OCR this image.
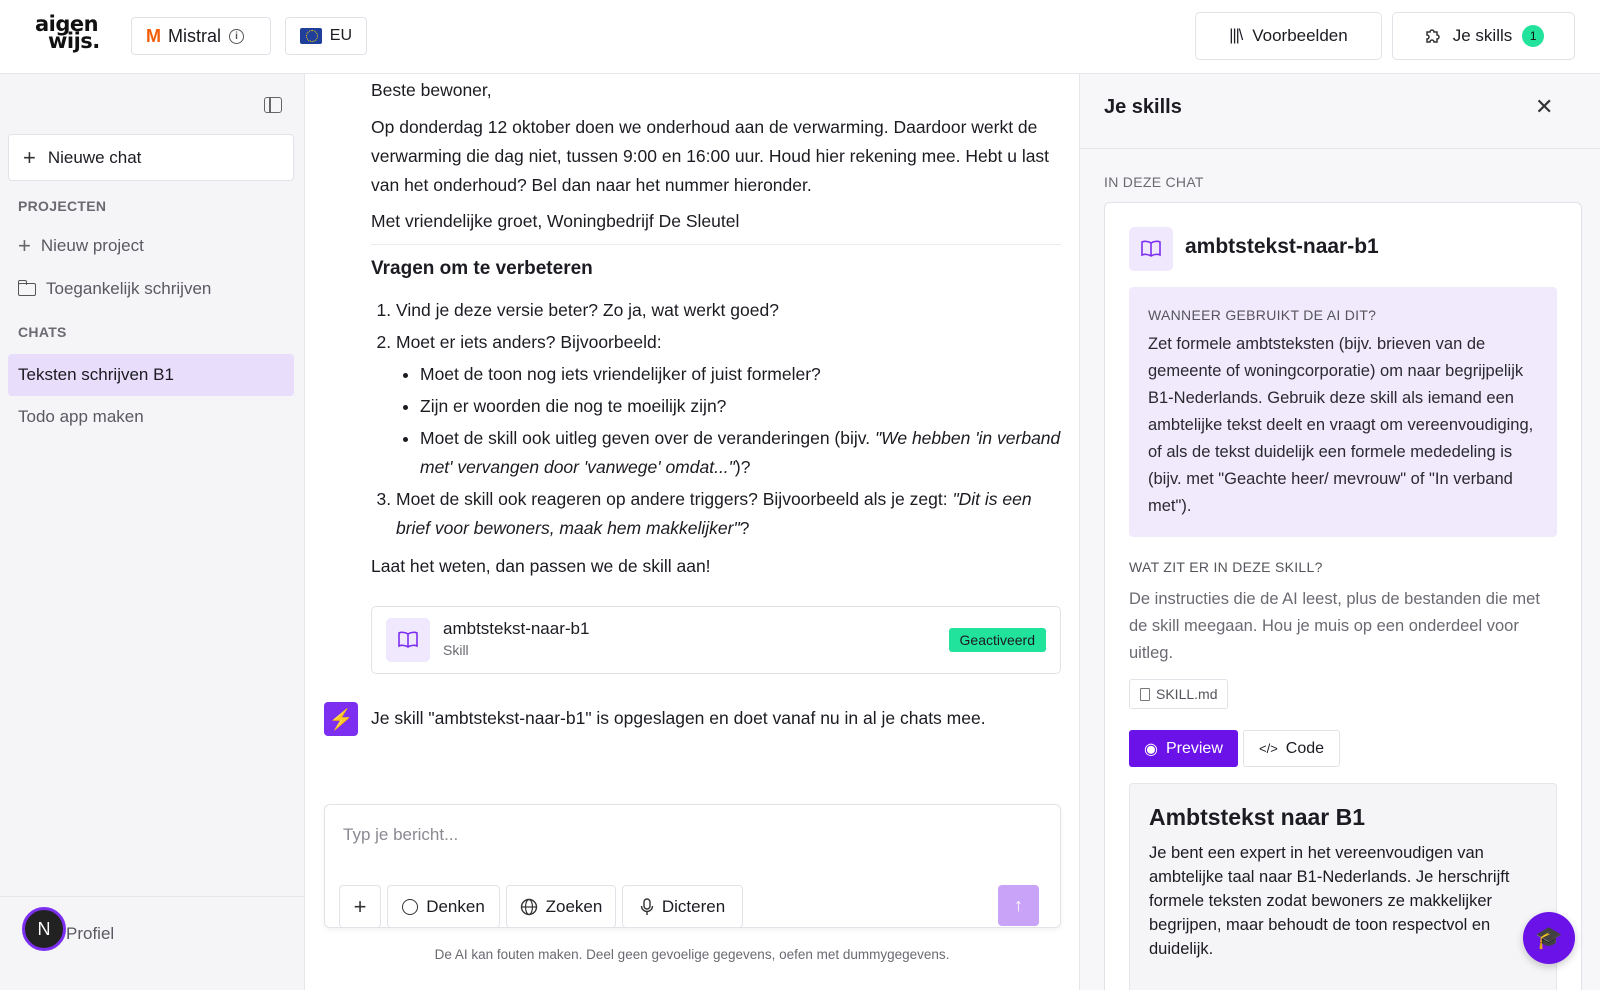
aigen
wijs.	M Mistral	i	EU	|||\ Voorbeelden	Je skills	1
+ Nieuwe chat
PROJECTEN
+ Nieuw project
Toegankelijk schrijven
CHATS
Teksten schrijven B1
Todo app maken
N Profiel
Beste bewoner,
Op donderdag 12 oktober doen we onderhoud aan de verwarming. Daardoor werkt de verwarming die dag niet, tussen 9:00 en 16:00 uur. Houd hier rekening mee. Hebt u last van het onderhoud? Bel dan naar het nummer hieronder.
Met vriendelijke groet, Woningbedrijf De Sleutel
Vragen om te verbeteren
1. Vind je deze versie beter? Zo ja, wat werkt goed?
2. Moet er iets anders? Bijvoorbeeld:
• Moet de toon nog iets vriendelijker of juist formeler?
• Zijn er woorden die nog te moeilijk zijn?
• Moet de skill ook uitleg geven over de veranderingen (bijv. "We hebben 'in verband met' vervangen door 'vanwege' omdat...")?
3. Moet de skill ook reageren op andere triggers? Bijvoorbeeld als je zegt: "Dit is een brief voor bewoners, maak hem makkelijker"?
Laat het weten, dan passen we de skill aan!
ambtstekst-naar-b1
Skill
Geactiveerd
⚡ Je skill "ambtstekst-naar-b1" is opgeslagen en doet vanaf nu in al je chats mee.
Typ je bericht...
+	Denken	Zoeken	Dicteren	↑
De AI kan fouten maken. Deel geen gevoelige gegevens, oefen met dummygegevens.
Je skills	✕
IN DEZE CHAT
ambtstekst-naar-b1
WANNEER GEBRUIKT DE AI DIT?
Zet formele ambtsteksten (bijv. brieven van de gemeente of woningcorporatie) om naar begrijpelijk B1-Nederlands. Gebruik deze skill als iemand een ambtelijke tekst deelt en vraagt om vereenvoudiging, of als de tekst duidelijk een formele mededeling is (bijv. met "Geachte heer/ mevrouw" of "In verband met").
WAT ZIT ER IN DEZE SKILL?
De instructies die de AI leest, plus de bestanden die met de skill meegaan. Hou je muis op een onderdeel voor uitleg.
SKILL.md
◉ Preview	</> Code
Ambtstekst naar B1
Je bent een expert in het vereenvoudigen van ambtelijke taal naar B1-Nederlands. Je herschrijft formele teksten zodat bewoners ze makkelijker begrijpen, maar behoudt de toon respectvol en duidelijk.	🎓
